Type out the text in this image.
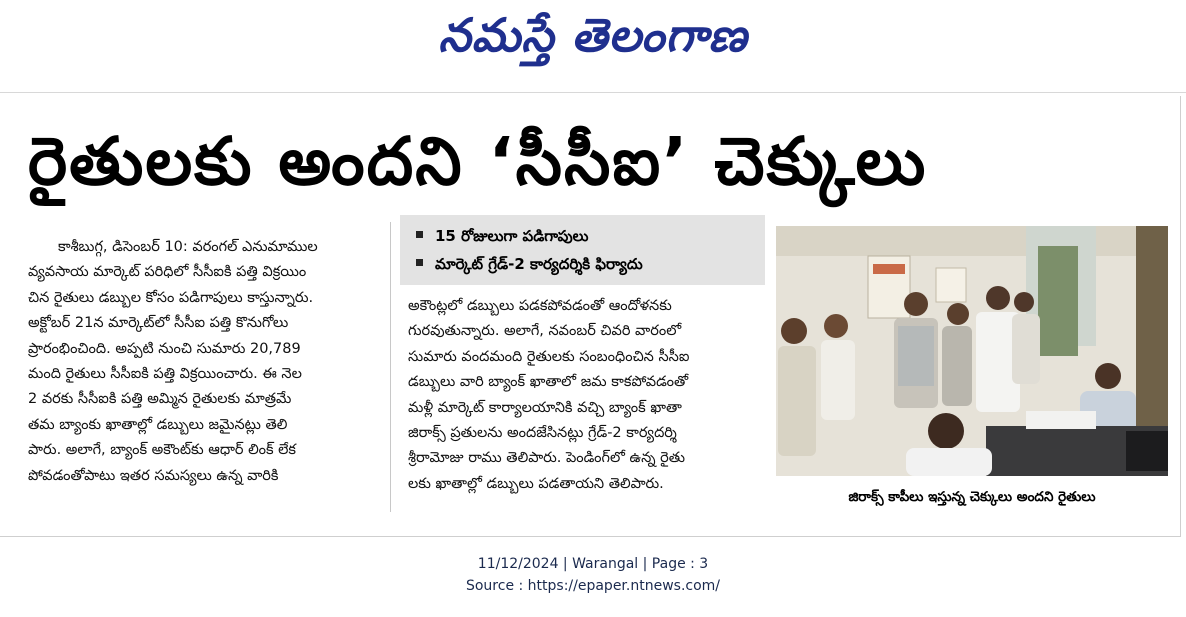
నమస్తే తెలంగాణ
రైతులకు అందని ‘సీసీఐ’ చెక్కులు
15 రోజులుగా పడిగాపులు
మార్కెట్ గ్రేడ్-2 కార్యదర్శికి ఫిర్యాదు
కాశీబుగ్గ, డిసెంబర్ 10: వరంగల్ ఎనుమాముల
వ్యవసాయ మార్కెట్ పరిధిలో సీసీఐకి పత్తి విక్రయిం
చిన రైతులు డబ్బుల కోసం పడిగాపులు కాస్తున్నారు.
అక్టోబర్ 21న మార్కెట్‌లో సీసీఐ పత్తి కొనుగోలు
ప్రారంభించింది. అప్పటి నుంచి సుమారు 20,789
మంది రైతులు సీసీఐకి పత్తి విక్రయించారు. ఈ నెల
2 వరకు సీసీఐకి పత్తి అమ్మిన రైతులకు మాత్రమే
తమ బ్యాంకు ఖాతాల్లో డబ్బులు జమైనట్లు తెలి
పారు. అలాగే, బ్యాంక్ అకౌంట్‌కు ఆధార్ లింక్ లేక
పోవడంతోపాటు ఇతర సమస్యలు ఉన్న వారికి
అకౌంట్లలో డబ్బులు పడకపోవడంతో ఆందోళనకు
గురవుతున్నారు. అలాగే, నవంబర్ చివరి వారంలో
సుమారు వందమంది రైతులకు సంబంధించిన సీసీఐ
డబ్బులు వారి బ్యాంక్ ఖాతాలో జమ కాకపోవడంతో
మళ్లీ మార్కెట్ కార్యాలయానికి వచ్చి బ్యాంక్ ఖాతా
జిరాక్స్ ప్రతులను అందజేసినట్లు గ్రేడ్-2 కార్యదర్శి
శ్రీరామోజు రాము తెలిపారు. పెండింగ్‌లో ఉన్న రైతు
లకు ఖాతాల్లో డబ్బులు పడతాయని తెలిపారు.
జిరాక్స్ కాపీలు ఇస్తున్న చెక్కులు అందని రైతులు
11/12/2024 | Warangal | Page : 3
Source : https://epaper.ntnews.com/
